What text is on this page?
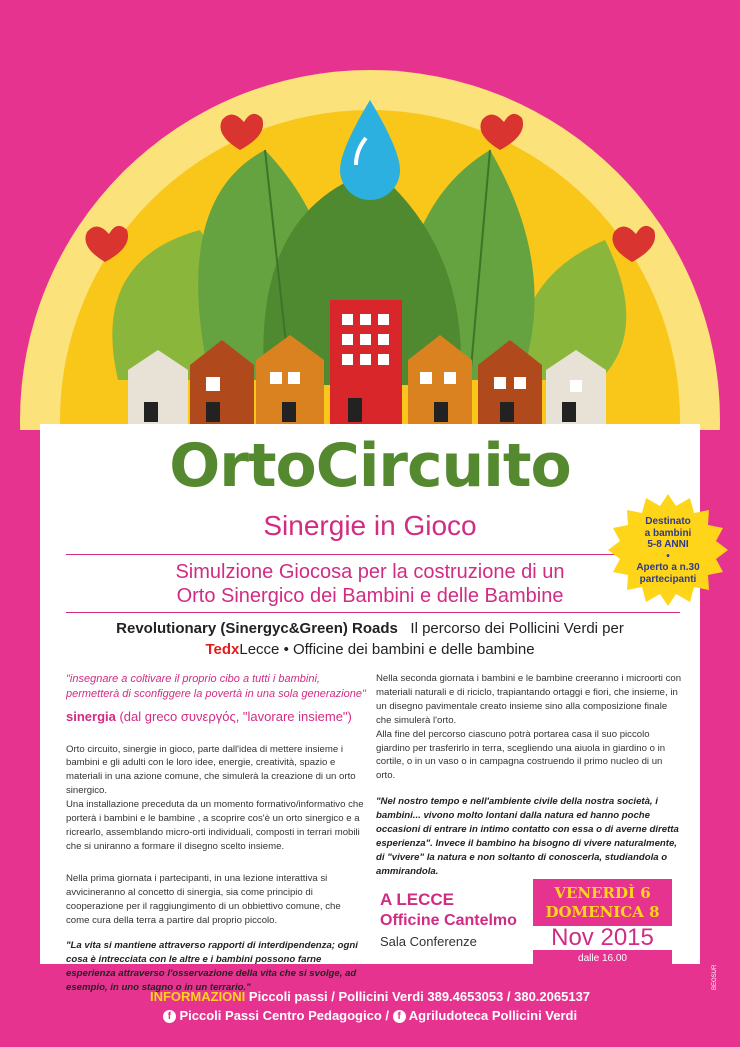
OrtoCircuito
Sinergie in Gioco
Simulzione Giocosa per la costruzione di un
Orto Sinergico dei Bambini e delle Bambine
Revolutionary (Sinergyc&Green) Roads Il percorso dei Pollicini Verdi per
TedxLecce • Officine dei bambini e delle bambine
Destinato
a bambini
5-8 ANNI
•
Aperto a n.30
partecipanti
"insegnare a coltivare il proprio cibo a tutti i bambini, permetterà di sconfiggere la povertà in una sola generazione"
sinergia (dal greco συνεργός, "lavorare insieme")
Orto circuito, sinergie in gioco, parte dall'idea di mettere insieme i bambini e gli adulti con le loro idee, energie, creatività, spazio e materiali in una azione comune, che simulerà la creazione di un orto sinergico.
Una installazione preceduta da un momento formativo/informativo che porterà i bambini e le bambine , a scoprire cos'è un orto sinergico e a ricrearlo, assemblando micro-orti individuali, composti in terrari mobili che si uniranno a formare il disegno scelto insieme.
Nella prima giornata i partecipanti, in una lezione interattiva si avvicineranno al concetto di sinergia, sia come principio di cooperazione per il raggiungimento di un obbiettivo comune, che come cura della terra a partire dal proprio piccolo.
"La vita si mantiene attraverso rapporti di interdipendenza; ogni cosa è intrecciata con le altre e i bambini possono farne esperienza attraverso l'osservazione della vita che si svolge, ad esempio, in uno stagno o in un terrario."
Nella seconda giornata i bambini e le bambine creeranno i microorti con materiali naturali e di riciclo, trapiantando ortaggi e fiori, che insieme, in un disegno pavimentale creato insieme sino alla composizione finale che simulerà l'orto.
Alla fine del percorso ciascuno potrà portarea casa il suo piccolo giardino per trasferirlo in terra, scegliendo una aiuola in giardino o in cortile, o in un vaso o in campagna costruendo il primo nucleo di un orto.
"Nel nostro tempo e nell'ambiente civile della nostra società, i bambini... vivono molto lontani dalla natura ed hanno poche occasioni di entrare in intimo contatto con essa o di averne diretta esperienza". Invece il bambino ha bisogno di vivere naturalmente, di "vivere" la natura e non soltanto di conoscerla, studiandola o ammirandola.
A LECCE
Officine Cantelmo
Sala Conferenze
VENERDÌ 6
DOMENICA 8
Nov 2015
dalle 16.00
INFORMAZIONI Piccoli passi / Pollicini Verdi 389.4653053 / 380.2065137
f Piccoli Passi Centro Pedagogico / f Agriludoteca Pollicini Verdi
BEOSUR
